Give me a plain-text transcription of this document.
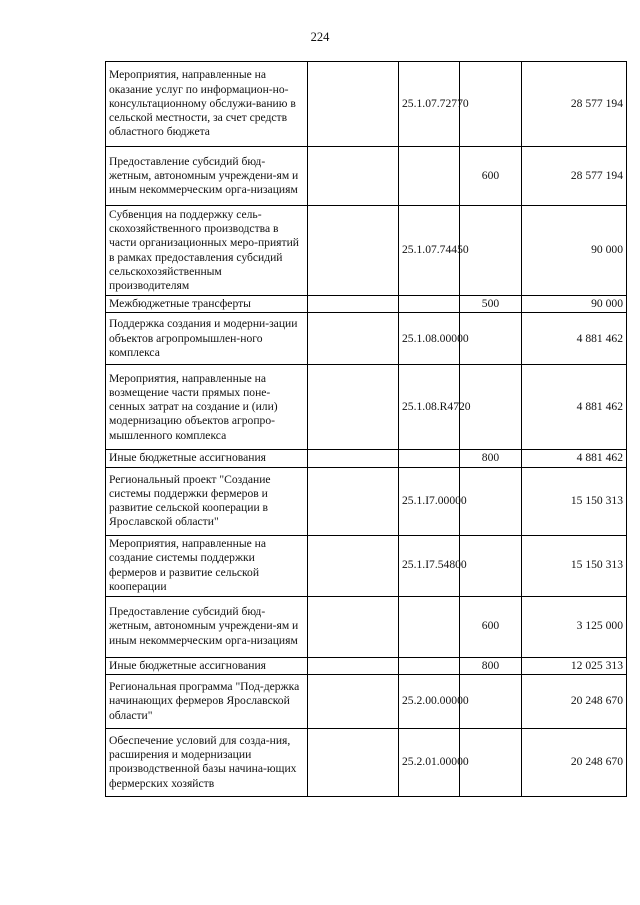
224
Мероприятия, направленные на оказание услуг по информацион-но-консультационному обслужи-ванию в сельской местности, за счет средств областного бюджета		25.1.07.72770		28 577 194
Предоставление субсидий бюд-жетным, автономным учреждени-ям и иным некоммерческим орга-низациям			600	28 577 194
Субвенция на поддержку сель-скохозяйственного производства в части организационных меро-приятий в рамках предоставления субсидий сельскохозяйственным производителям		25.1.07.74450		90 000
Межбюджетные трансферты			500	90 000
Поддержка создания и модерни-зации объектов агропромышлен-ного комплекса		25.1.08.00000		4 881 462
Мероприятия, направленные на возмещение части прямых поне-сенных затрат на создание и (или) модернизацию объектов агропро-мышленного комплекса		25.1.08.R4720		4 881 462
Иные бюджетные ассигнования			800	4 881 462
Региональный проект "Создание системы поддержки фермеров и развитие сельской кооперации в Ярославской области"		25.1.I7.00000		15 150 313
Мероприятия, направленные на создание системы поддержки фермеров и развитие сельской кооперации		25.1.I7.54800		15 150 313
Предоставление субсидий бюд-жетным, автономным учреждени-ям и иным некоммерческим орга-низациям			600	3 125 000
Иные бюджетные ассигнования			800	12 025 313
Региональная программа "Под-держка начинающих фермеров Ярославской области"		25.2.00.00000		20 248 670
Обеспечение условий для созда-ния, расширения и модернизации производственной базы начина-ющих фермерских хозяйств		25.2.01.00000		20 248 670
